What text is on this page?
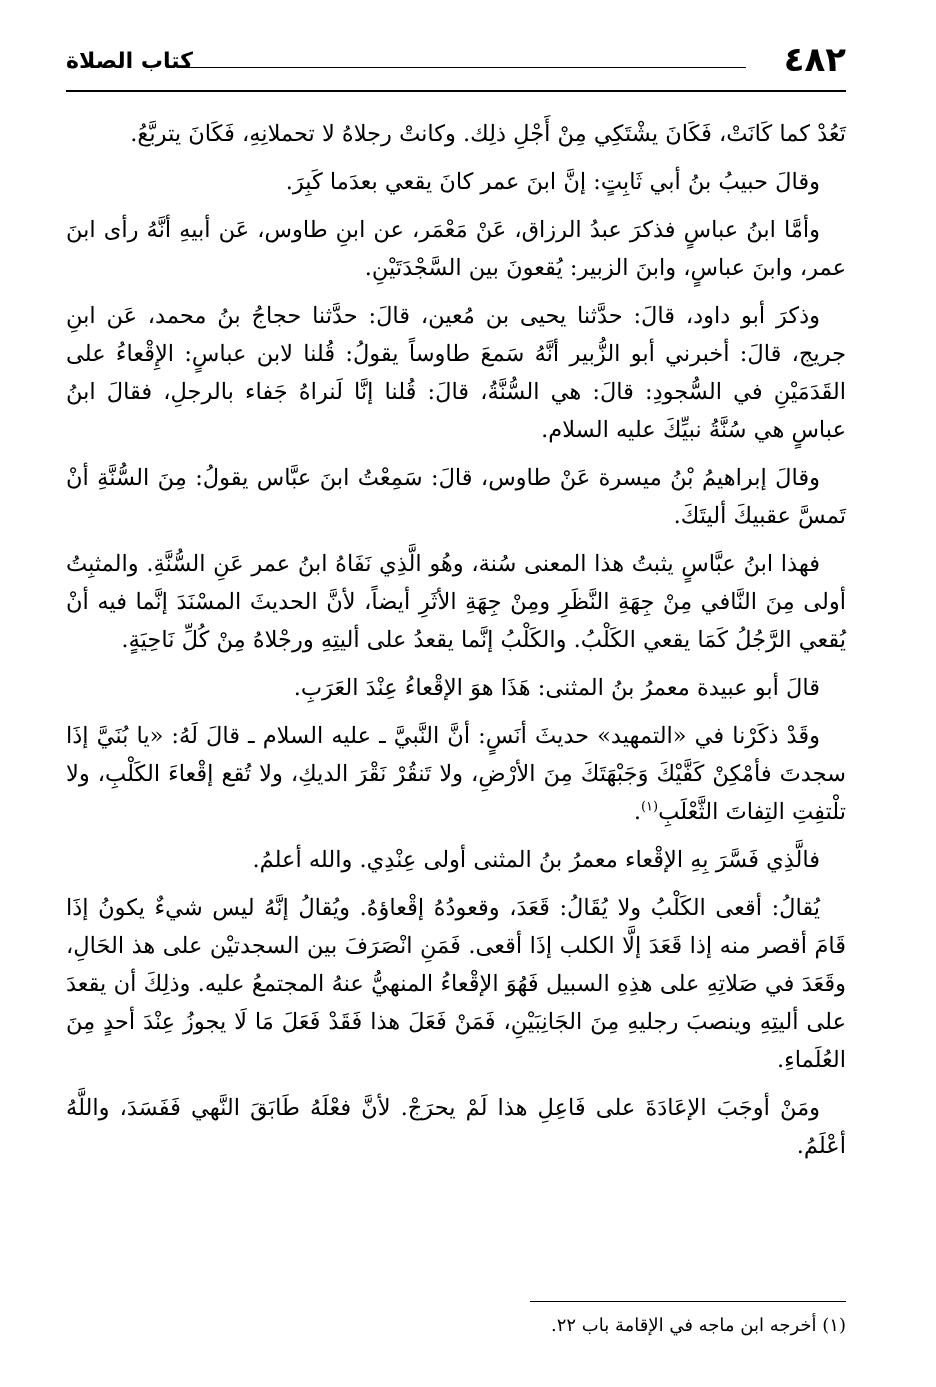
٤٨٢
كتاب الصلاة

تَعُدْ كما كَانَتْ، فَكَانَ يشْتَكِي مِنْ أَجْلِ ذلِك. وكانتْ رجلاهُ لا تحملانِهِ، فَكَانَ يتربَّعُ.

وقالَ حبيبُ بنُ أبي ثَابِتٍ: إنَّ ابنَ عمر كانَ يقعي بعدَما كَبِرَ.

وأمَّا ابنُ عباسٍ فذكرَ عبدُ الرزاق، عَنْ مَعْمَر، عن ابنِ طاوس، عَن أبيهِ أنَّهُ رأى ابنَ عمر، وابنَ عباسٍ، وابنَ الزبير: يُقعونَ بين السَّجْدَتَيْنِ.

وذكرَ أبو داود، قالَ: حدَّثنا يحيى بن مُعين، قالَ: حدَّثنا حجاجُ بنُ محمد، عَن ابنِ جريج، قالَ: أخبرني أبو الزُّبير أنَّهُ سَمعَ طاوساً يقولُ: قُلنا لابن عباسٍ: الإِقْعاءُ على القَدَمَيْنِ في السُّجودِ: قالَ: هي السُّنَّةُ، قالَ: قُلنا إنَّا لَنراهُ جَفاء بالرجلِ، فقالَ ابنُ عباسٍ هي سُنَّةُ نبيِّكَ عليه السلام.

وقالَ إبراهيمُ بْنُ ميسرة عَنْ طاوس، قالَ: سَمِعْتُ ابنَ عبَّاس يقولُ: مِنَ السُّنَّةِ أنْ تَمسَّ عقبيكَ أليتَكَ.

فهذا ابنُ عبَّاسٍ يثبتُ هذا المعنى سُنة، وهُو الَّذِي نَفَاهُ ابنُ عمر عَنِ السُّنَّةِ. والمثبِتُ أولى مِنَ النَّافي مِنْ جِهَةِ النَّظَرِ ومِنْ جِهَةِ الأثَرِ أيضاً، لأنَّ الحديثَ المسْنَدَ إنَّما فيه أنْ يُقعي الرَّجُلُ كَمَا يقعي الكَلْبُ. والكَلْبُ إنَّما يقعدُ على أليتِهِ ورجْلاهُ مِنْ كُلِّ نَاحِيَةٍ.

قالَ أبو عبيدة معمرُ بنُ المثنى: هَذَا هوَ الإقْعاءُ عِنْدَ العَرَبِ.

وقَدْ ذكَرْنا في «التمهيد» حديثَ أنَسٍ: أنَّ النَّبيَّ ـ عليه السلام ـ قالَ لَهُ: «يا بُنَيَّ إذَا سجدتَ فأمْكِنْ كَفَّيْكَ وَجَبْهَتَكَ مِنَ الأرْضِ، ولا تَنقُرْ نَقْرَ الديكِ، ولا تُقع إقْعاءَ الكَلْبِ، ولا تلْتفِتِ التِفاتَ الثَّعْلَبِ$^{(١)}$.

فالَّذِي فَسَّرَ بِهِ الإقْعاء معمرُ بنُ المثنى أولى عِنْدِي. والله أعلمُ.

يُقالُ: أقعى الكَلْبُ ولا يُقَالُ: قَعَدَ، وقعودُهُ إقْعاؤهُ. ويُقالُ إنَّهُ ليس شيءٌ يكونُ إذَا قَامَ أقصر منه إذا قَعَدَ إلَّا الكلب إذَا أقعى. فَمَنِ انْصَرَفَ بين السجدتيْن على هذ الحَالِ، وقَعَدَ في صَلاتِهِ على هذِهِ السبيل فَهُوَ الإقْعاءُ المنهيُّ عنهُ المجتمعُ عليه. وذلِكَ أن يقعدَ على أليتِهِ وينصبَ رجليهِ مِنَ الجَانِبَيْنِ، فَمَنْ فَعَلَ هذا فَقَدْ فَعَلَ مَا لَا يجوزُ عِنْدَ أحدٍ مِنَ العُلَماءِ.

ومَنْ أوجَبَ الإعَادَةَ على فَاعِلِ هذا لَمْ يحرَجْ. لأنَّ فعْلَهُ طَابَقَ النَّهي فَفَسَدَ، واللَّهُ أعْلَمُ.

(١) أخرجه ابن ماجه في الإقامة باب ٢٢.
